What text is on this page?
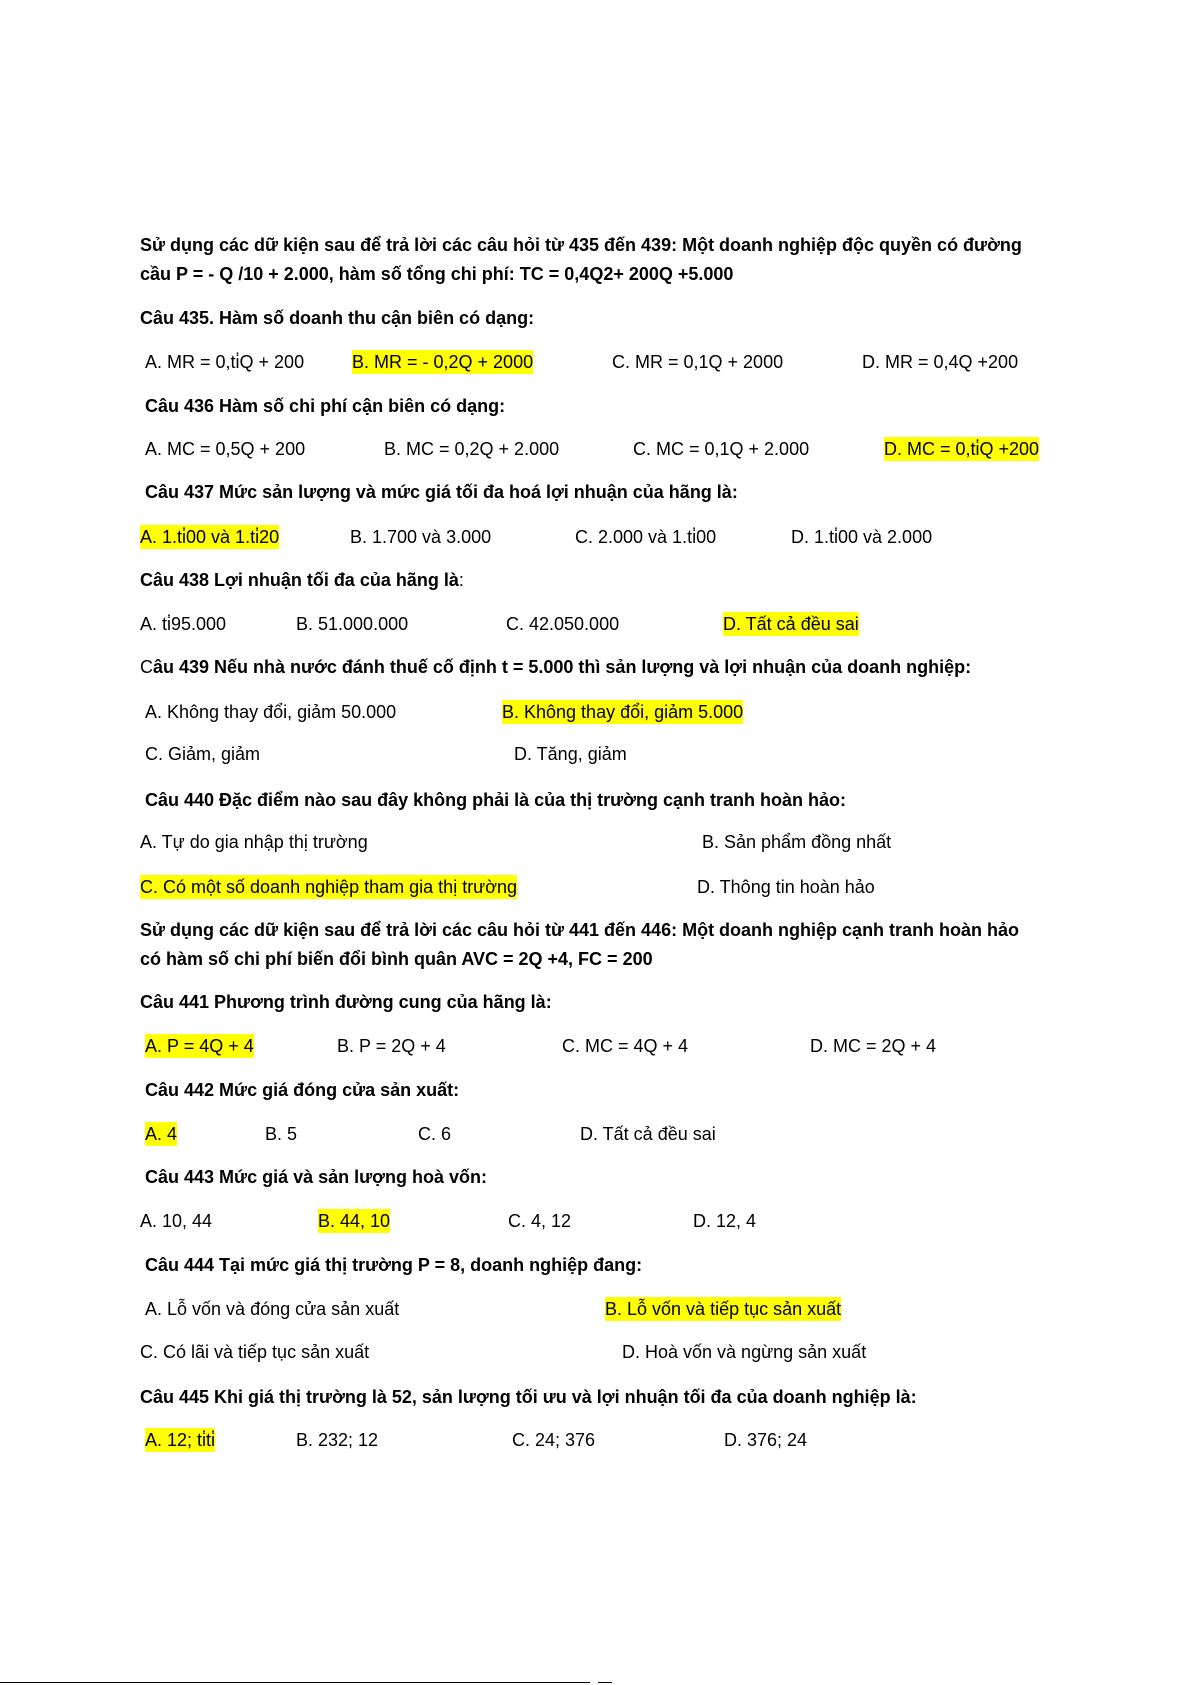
Sử dụng các dữ kiện sau để trả lời các câu hỏi từ 435 đến 439: Một doanh nghiệp độc quyền có đường
cầu P = - Q /10 + 2.000, hàm số tổng chi phí: TC = 0,4Q2+ 200Q +5.000
Câu 435. Hàm số doanh thu cận biên có dạng:
A. MR = 0,ti̇Q + 200	B. MR = - 0,2Q + 2000	C. MR = 0,1Q + 2000	D. MR = 0,4Q +200
Câu 436 Hàm số chi phí cận biên có dạng:
A. MC = 0,5Q + 200	B. MC = 0,2Q + 2.000	C. MC = 0,1Q + 2.000	D. MC = 0,ti̇Q +200
Câu 437 Mức sản lượng và mức giá tối đa hoá lợi nhuận của hãng là:
A. 1.ti̇00 và 1.ti̇20	B. 1.700 và 3.000	C. 2.000 và 1.ti̇00	D. 1.ti̇00 và 2.000
Câu 438 Lợi nhuận tối đa của hãng là:
A. ti̇95.000	B. 51.000.000	C. 42.050.000	D. Tất cả đều sai
Câu 439 Nếu nhà nước đánh thuế cố định t = 5.000 thì sản lượng và lợi nhuận của doanh nghiệp:
A. Không thay đổi, giảm 50.000	B. Không thay đổi, giảm 5.000
C. Giảm, giảm	D. Tăng, giảm
Câu 440 Đặc điểm nào sau đây không phải là của thị trường cạnh tranh hoàn hảo:
A. Tự do gia nhập thị trường	B. Sản phẩm đồng nhất
C. Có một số doanh nghiệp tham gia thị trường	D. Thông tin hoàn hảo
Sử dụng các dữ kiện sau để trả lời các câu hỏi từ 441 đến 446: Một doanh nghiệp cạnh tranh hoàn hảo
có hàm số chi phí biến đổi bình quân AVC = 2Q +4, FC = 200
Câu 441 Phương trình đường cung của hãng là:
A. P = 4Q + 4	B. P = 2Q + 4	C. MC = 4Q + 4	D. MC = 2Q + 4
Câu 442 Mức giá đóng cửa sản xuất:
A. 4	B. 5	C. 6	D. Tất cả đều sai
Câu 443 Mức giá và sản lượng hoà vốn:
A. 10, 44	B. 44, 10	C. 4, 12	D. 12, 4
Câu 444 Tại mức giá thị trường P = 8, doanh nghiệp đang:
A. Lỗ vốn và đóng cửa sản xuất	B. Lỗ vốn và tiếp tục sản xuất
C. Có lãi và tiếp tục sản xuất	D. Hoà vốn và ngừng sản xuất
Câu 445 Khi giá thị trường là 52, sản lượng tối ưu và lợi nhuận tối đa của doanh nghiệp là:
A. 12; ti̇ti̇	B. 232; 12	C. 24; 376	D. 376; 24
